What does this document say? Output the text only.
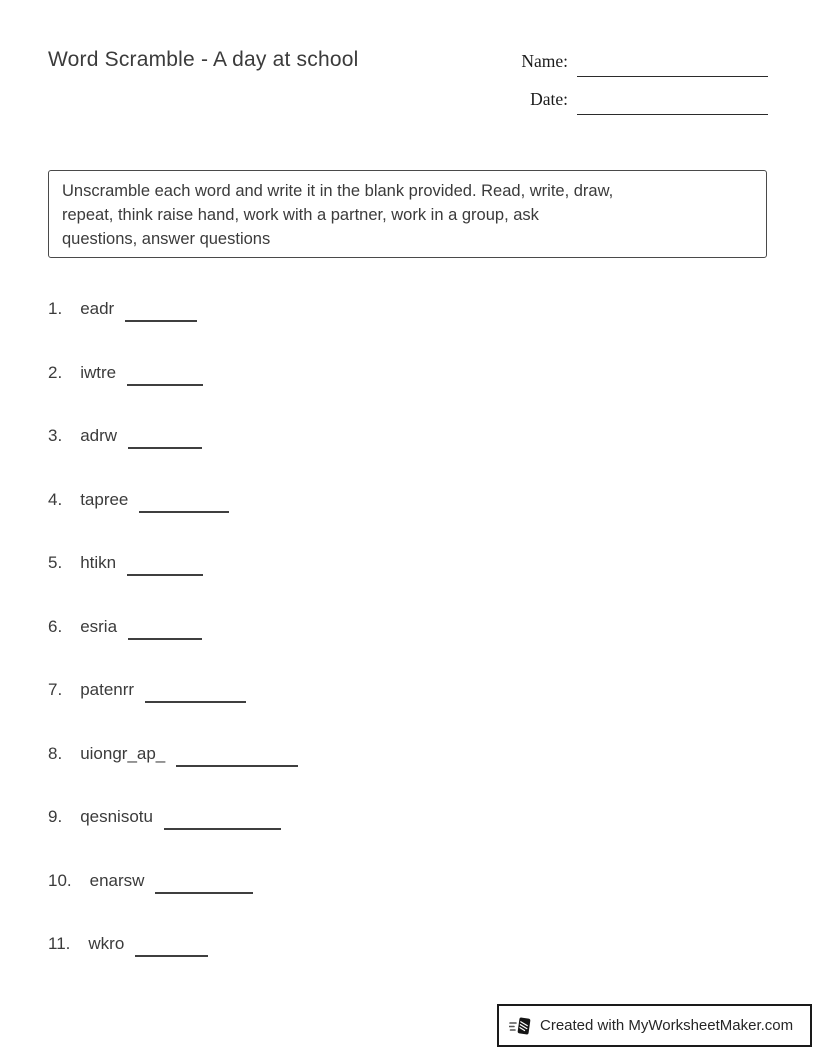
Word Scramble - A day at school	Name:
Date:
Unscramble each word and write it in the blank provided. Read, write, draw,
repeat, think raise hand, work with a partner, work in a group, ask
questions, answer questions
1. eadr
2. iwtre
3. adrw
4. tapree
5. htikn
6. esria
7. patenrr
8. uiongr_ap_
9. qesnisotu
10. enarsw
11. wkro
Created with MyWorksheetMaker.com
